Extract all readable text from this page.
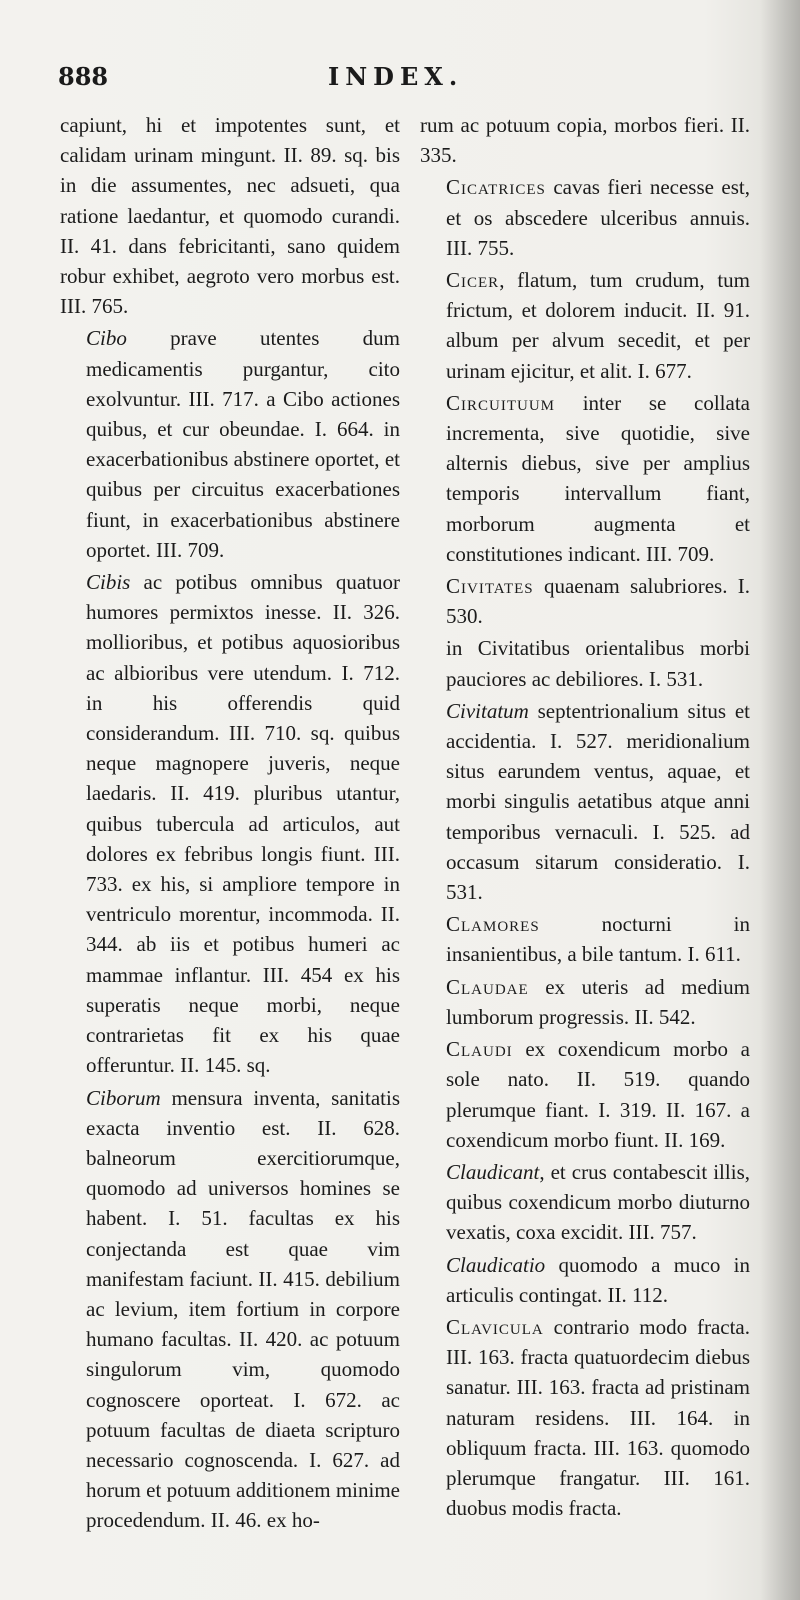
888	INDEX.

capiunt, hi et impotentes sunt, et calidam urinam mingunt. II. 89. sq. bis in die assumentes, nec adsueti, qua ratione laedantur, et quomodo curandi. II. 41. dans febricitanti, sano quidem robur exhibet, aegroto vero morbus est. III. 765.

Cibo prave utentes dum medicamentis purgantur, cito exolvuntur. III. 717. a Cibo actiones quibus, et cur obeundae. I. 664. in exacerbationibus abstinere oportet, et quibus per circuitus exacerbationes fiunt, in exacerbationibus abstinere oportet. III. 709.

Cibis ac potibus omnibus quatuor humores permixtos inesse. II. 326. mollioribus, et potibus aquosioribus ac albioribus vere utendum. I. 712. in his offerendis quid considerandum. III. 710. sq. quibus neque magnopere juveris, neque laedaris. II. 419. pluribus utantur, quibus tubercula ad articulos, aut dolores ex febribus longis fiunt. III. 733. ex his, si ampliore tempore in ventriculo morentur, incommoda. II. 344. ab iis et potibus humeri ac mammae inflantur. III. 454 ex his superatis neque morbi, neque contrarietas fit ex his quae offeruntur. II. 145. sq.

Ciborum mensura inventa, sanitatis exacta inventio est. II. 628. balneorum exercitiorumque, quomodo ad universos homines se habent. I. 51. facultas ex his conjectanda est quae vim manifestam faciunt. II. 415. debilium ac levium, item fortium in corpore humano facultas. II. 420. ac potuum singulorum vim, quomodo cognoscere oporteat. I. 672. ac potuum facultas de diaeta scripturo necessario cognoscenda. I. 627. ad horum et potuum additionem minime procedendum. II. 46. ex ho-

rum ac potuum copia, morbos fieri. II. 335.

Cicatrices cavas fieri necesse est, et os abscedere ulceribus annuis. III. 755.

Cicer, flatum, tum crudum, tum frictum, et dolorem inducit. II. 91. album per alvum secedit, et per urinam ejicitur, et alit. I. 677.

Circuituum inter se collata incrementa, sive quotidie, sive alternis diebus, sive per amplius temporis intervallum fiant, morborum augmenta et constitutiones indicant. III. 709.

Civitates quaenam salubriores. I. 530.

in Civitatibus orientalibus morbi pauciores ac debiliores. I. 531.

Civitatum septentrionalium situs et accidentia. I. 527. meridionalium situs earundem ventus, aquae, et morbi singulis aetatibus atque anni temporibus vernaculi. I. 525. ad occasum sitarum consideratio. I. 531.

Clamores nocturni in insanientibus, a bile tantum. I. 611.

Claudae ex uteris ad medium lumborum progressis. II. 542.

Claudi ex coxendicum morbo a sole nato. II. 519. quando plerumque fiant. I. 319. II. 167. a coxendicum morbo fiunt. II. 169.

Claudicant, et crus contabescit illis, quibus coxendicum morbo diuturno vexatis, coxa excidit. III. 757.

Claudicatio quomodo a muco in articulis contingat. II. 112.

Clavicula contrario modo fracta. III. 163. fracta quatuordecim diebus sanatur. III. 163. fracta ad pristinam naturam residens. III. 164. in obliquum fracta. III. 163. quomodo plerumque frangatur. III. 161. duobus modis fracta.
